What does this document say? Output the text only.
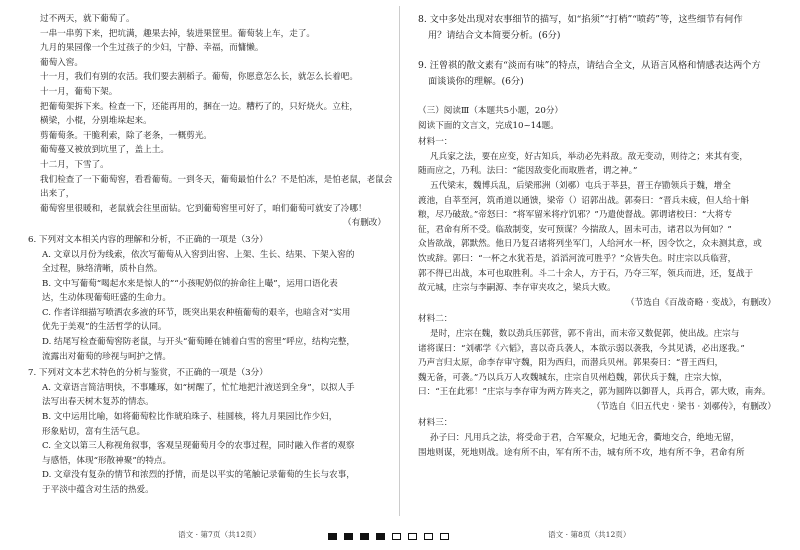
过不两天，就下葡萄了。

一串一串剪下来，把坑满，趣果去掉，装进果筐里。葡萄装上车，走了。

九月的果园像一个生过孩子的少妇，宁静、幸福，而慵懒。

葡萄入窖。

十一月，我们有别的农活。我们要去割稻子。葡萄，你愿意怎么长，就怎么长着吧。

十一月，葡萄下架。

把葡萄架拆下来。检查一下，还能再用的，捆在一边。糟朽了的，只好烧火。立柱，

横梁，小棍，分别堆垛起来。

剪葡萄条。干脆利索，除了老条，一概剪光。

葡萄蔓又被放到坑里了，盖上土。

十二月，下雪了。

我们检查了一下葡萄窖，看看葡萄。一到冬天，葡萄最怕什么？不是怕冻，是怕老鼠，老鼠会

出来了，

葡萄窖里很暖和，老鼠就会往里面钻。它到葡萄窖里可好了，咱们葡萄可就安了冷哪！

（有删改）

6. 下列对文本相关内容的理解和分析，不正确的一项是（3分）

A. 文章以月份为线索，依次写葡萄从入窖到出窖、上架、生长、结果、下架入窖的

全过程，脉络清晰，质朴自然。

B. 文中写葡萄“喝起水来是惊人的”“小孩呢奶似的拚命往上嘬”，运用口语化表

达，生动体现葡萄旺盛的生命力。

C. 作者详细描写喷洒农多液的环节，既突出果农种植葡萄的艰辛，也暗含对“实用

优先于美观”的生活哲学的认同。

D. 结尾写检查葡萄窖防老鼠，与开头“葡萄睡在铺着白雪的窖里”呼应，结构完整，

流露出对葡萄的珍视与呵护之情。

7. 下列对文本艺术特色的分析与鉴赏，不正确的一项是（3分）

A. 文章语言简洁明快，不事雕琢，如“树醒了，忙忙地把汁液送到全身”，以拟人手

法写出春天树木复苏的情态。

B. 文中运用比喻，如将葡萄粒比作琥珀珠子、桂圆核，将九月果园比作少妇，

形象贴切，富有生活气息。

C. 全文以第三人称视角叙事，客观呈现葡萄月令的农事过程，同时融入作者的观察

与感悟，体现“形散神聚”的特点。

D. 文章没有复杂的情节和浓烈的抒情，而是以平实的笔触记录葡萄的生长与农事，

于平淡中蕴含对生活的热爱。

8. 文中多处出现对农事细节的描写，如“掐须”“打梢”“喷药”等，这些细节有何作

用？请结合文本简要分析。(6分)

9. 汪曾祺的散文素有“淡而有味”的特点，请结合全文，从语言风格和情感表达两个方

面谈谈你的理解。(6分)

（三）阅读Ⅲ（本题共5小题，20分）

阅读下面的文言文，完成10~14题。

材料一：

凡兵家之法，要在应变，好古知兵，举动必先料敌。敌无变动，则待之；来其有变，

随而应之，乃利。法曰：“能因敌变化而取胜者，谓之神。”

五代梁末，魏博兵乱，后梁邢洲（刘鄩）屯兵于莘县，晋王存勖领兵于魏，增全

渡池，自莘至河，筑甬道以通馈，梁帝（）诏郭出战。郭奏曰：“晋兵未疲，但人给十斛

粮，尽乃破敌。”帝怒曰：“将军留米将疗饥邪？”乃遣使督战。郭谓诸校曰：“大将专

征，君命有所不受。临敌制变，安可预谋？今揣敌人，固未可击，诸君以为何如？”

众皆欲战，郭默然。他日乃复召诸将列坐军门，人给河水一杯，因令饮之，众未测其意，或

饮或辞。郭曰：“一杯之水犹若是，滔滔河流可胜乎？”众皆失色。时庄宗以兵临营，

郭不得已出战，本可也取胜利。斗二十余人，方于石，乃夺三军，领兵而进，还，复战于

故元城，庄宗与李嗣源、李存审夹攻之，梁兵大败。

（节选自《百战奇略 · 变战》，有删改）

材料二：

是时，庄宗在魏，数以劲兵压郭营，郭不肯出，而末帝又数促郭，使出战。庄宗与

诸将谋曰：“刘鄩学《六韬》，喜以奇兵袭人，本欲示弱以袭我，今其见诱，必出逐我。”

乃声言归太原，命李存审守魏，阳为西归，而潜兵贝州。郭果奏曰：“晋王西归，

魏无备，可袭。”乃以兵万人攻魏城东，庄宗自贝州趋魏，郭伏兵于魏，庄宗大惊，

曰：“王在此邪！”庄宗与李存审为两方阵夹之，郭为圆阵以御晋人，兵再合，郭大败，南奔。

（节选自《旧五代史 · 梁书 · 刘鄩传》，有删改）

材料三：

孙子曰：凡用兵之法，将受命于君，合军聚众，圮地无舍，衢地交合，绝地无留，

围地则谋，死地则战。途有所不由，军有所不击，城有所不攻，地有所不争，君命有所

语文 · 第7页（共12页）	语文 · 第8页（共12页）
